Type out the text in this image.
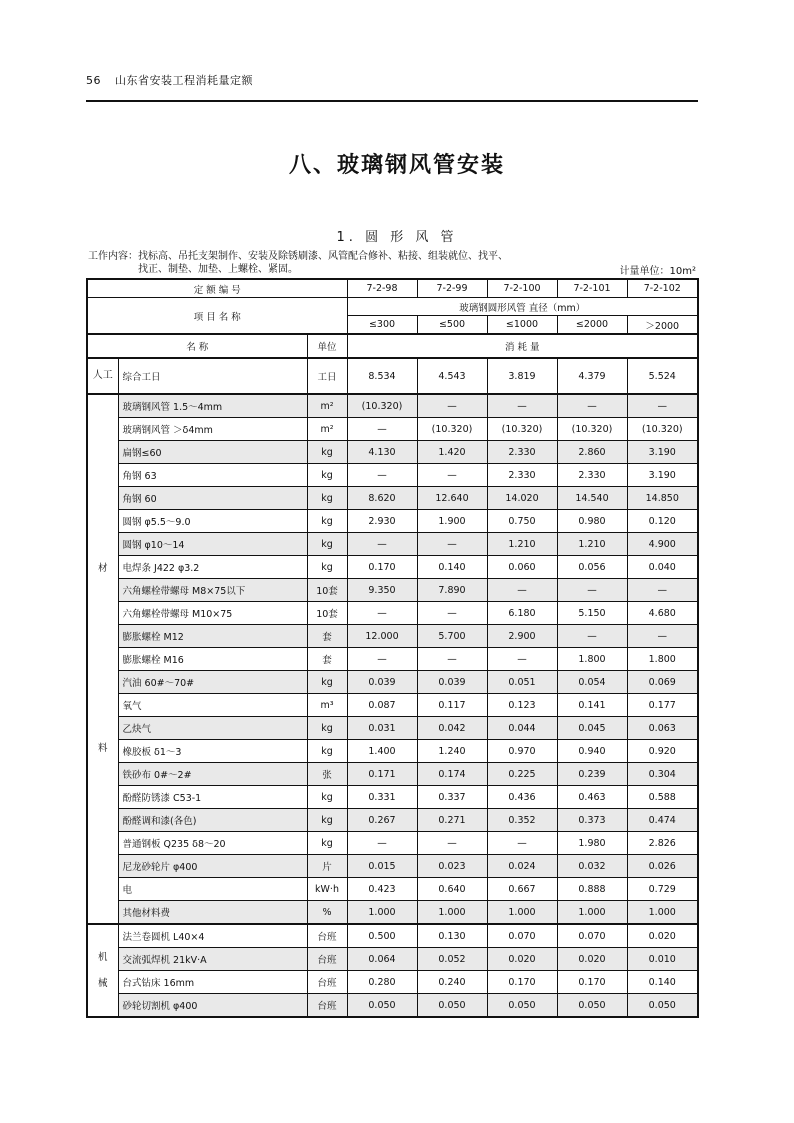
56 山东省安装工程消耗量定额
八、玻璃钢风管安装
1. 圆 形 风 管
工作内容：找标高、吊托支架制作、安装及除锈刷漆、风管配合修补、粘接、组装就位、找平、
找正、制垫、加垫、上螺栓、紧固。	计量单位：10m²
定 额 编 号			7-2-98	7-2-99	7-2-100	7-2-101	7-2-102
项 目 名 称			玻璃钢圆形风管 直径（mm）				
			≤300	≤500	≤1000	≤2000	＞2000
名 称		单位	消 耗 量				
人工	综合工日	工日	8.534	4.543	3.819	4.379	5.524

材
料	玻璃钢风管 1.5～4mm	m²	(10.320)	—	—	—	—
	玻璃钢风管 ＞δ4mm	m²	—	(10.320)	(10.320)	(10.320)	(10.320)
	扁钢≤60	kg	4.130	1.420	2.330	2.860	3.190
	角钢 63	kg	—	—	2.330	2.330	3.190
	角钢 60	kg	8.620	12.640	14.020	14.540	14.850
	圆钢 φ5.5～9.0	kg	2.930	1.900	0.750	0.980	0.120
	圆钢 φ10～14	kg	—	—	1.210	1.210	4.900
	电焊条 J422 φ3.2	kg	0.170	0.140	0.060	0.056	0.040
	六角螺栓带螺母 M8×75以下	10套	9.350	7.890	—	—	—
	六角螺栓带螺母 M10×75	10套	—	—	6.180	5.150	4.680
	膨胀螺栓 M12	套	12.000	5.700	2.900	—	—
	膨胀螺栓 M16	套	—	—	—	1.800	1.800
	汽油 60#～70#	kg	0.039	0.039	0.051	0.054	0.069
	氧气	m³	0.087	0.117	0.123	0.141	0.177
	乙炔气	kg	0.031	0.042	0.044	0.045	0.063
	橡胶板 δ1～3	kg	1.400	1.240	0.970	0.940	0.920
	铁砂布 0#～2#	张	0.171	0.174	0.225	0.239	0.304
	酚醛防锈漆 C53-1	kg	0.331	0.337	0.436	0.463	0.588
	酚醛调和漆(各色)	kg	0.267	0.271	0.352	0.373	0.474
	普通钢板 Q235 δ8～20	kg	—	—	—	1.980	2.826
	尼龙砂轮片 φ400	片	0.015	0.023	0.024	0.032	0.026
	电	kW·h	0.423	0.640	0.667	0.888	0.729
	其他材料费	%	1.000	1.000	1.000	1.000	1.000

机
械	法兰卷圆机 L40×4	台班	0.500	0.130	0.070	0.070	0.020
	交流弧焊机 21kV·A	台班	0.064	0.052	0.020	0.020	0.010
	台式钻床 16mm	台班	0.280	0.240	0.170	0.170	0.140
	砂轮切割机 φ400	台班	0.050	0.050	0.050	0.050	0.050
